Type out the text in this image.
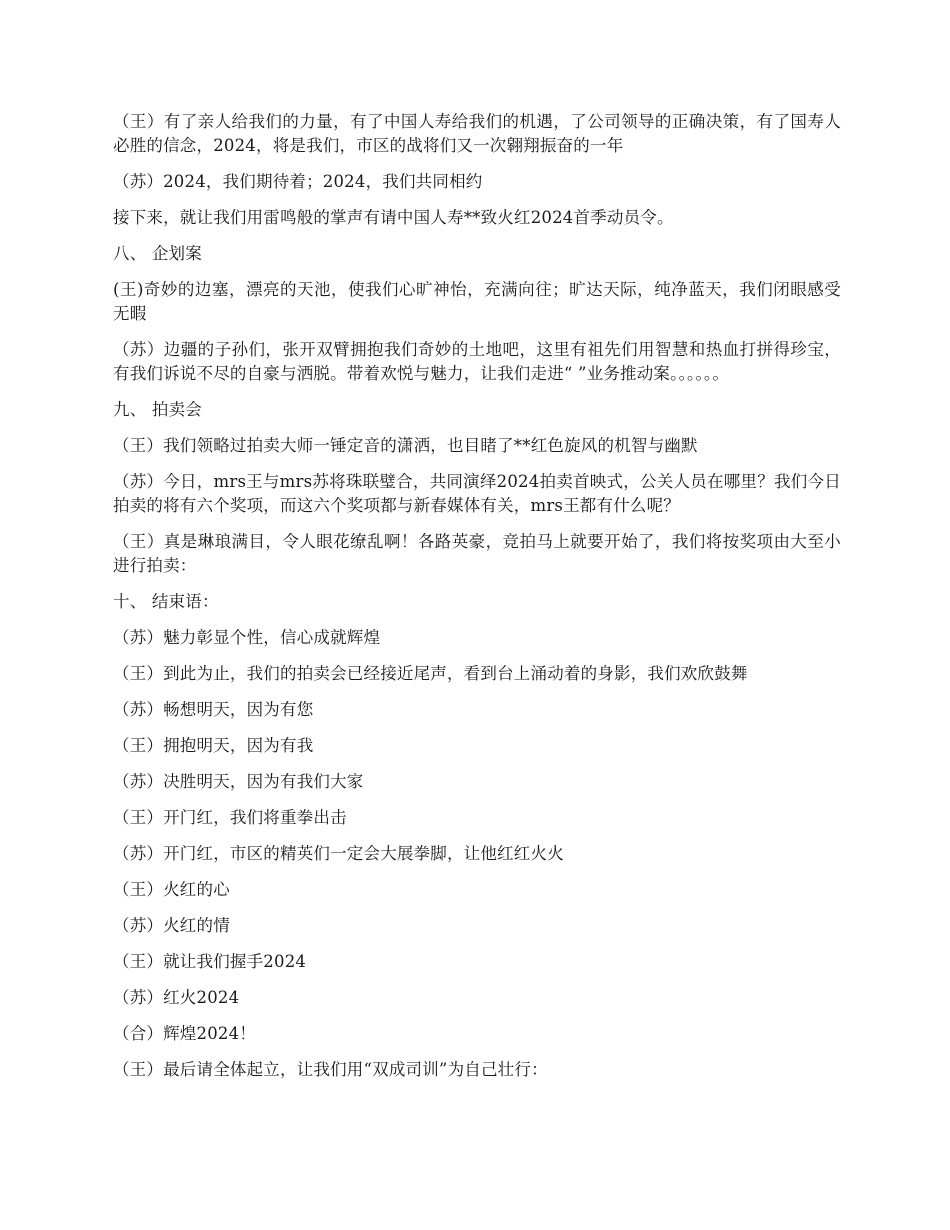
（王）有了亲人给我们的力量，有了中国人寿给我们的机遇，了公司领导的正确决策，有了国寿人必胜的信念，2024，将是我们，市区的战将们又一次翱翔振奋的一年

（苏）2024，我们期待着；2024，我们共同相约

接下来，就让我们用雷鸣般的掌声有请中国人寿**致火红2024首季动员令。

八、 企划案

(王)奇妙的边塞，漂亮的天池，使我们心旷神怡，充满向往；旷达天际，纯净蓝天，我们闭眼感受无暇

（苏）边疆的子孙们，张开双臂拥抱我们奇妙的土地吧，这里有祖先们用智慧和热血打拼得珍宝，有我们诉说不尽的自豪与洒脱。带着欢悦与魅力，让我们走进“ ”业务推动案。。。。。。

九、 拍卖会

（王）我们领略过拍卖大师一锤定音的潇洒，也目睹了**红色旋风的机智与幽默

（苏）今日，mrs王与mrs苏将珠联璧合，共同演绎2024拍卖首映式，公关人员在哪里？我们今日拍卖的将有六个奖项，而这六个奖项都与新春媒体有关，mrs王都有什么呢？

（王）真是琳琅满目，令人眼花缭乱啊！各路英豪，竞拍马上就要开始了，我们将按奖项由大至小进行拍卖：

十、 结束语：

（苏）魅力彰显个性，信心成就辉煌

（王）到此为止，我们的拍卖会已经接近尾声，看到台上涌动着的身影，我们欢欣鼓舞

（苏）畅想明天，因为有您

（王）拥抱明天，因为有我

（苏）决胜明天，因为有我们大家

（王）开门红，我们将重拳出击

（苏）开门红，市区的精英们一定会大展拳脚，让他红红火火

（王）火红的心

（苏）火红的情

（王）就让我们握手2024

（苏）红火2024

（合）辉煌2024！

（王）最后请全体起立，让我们用“双成司训”为自己壮行：
